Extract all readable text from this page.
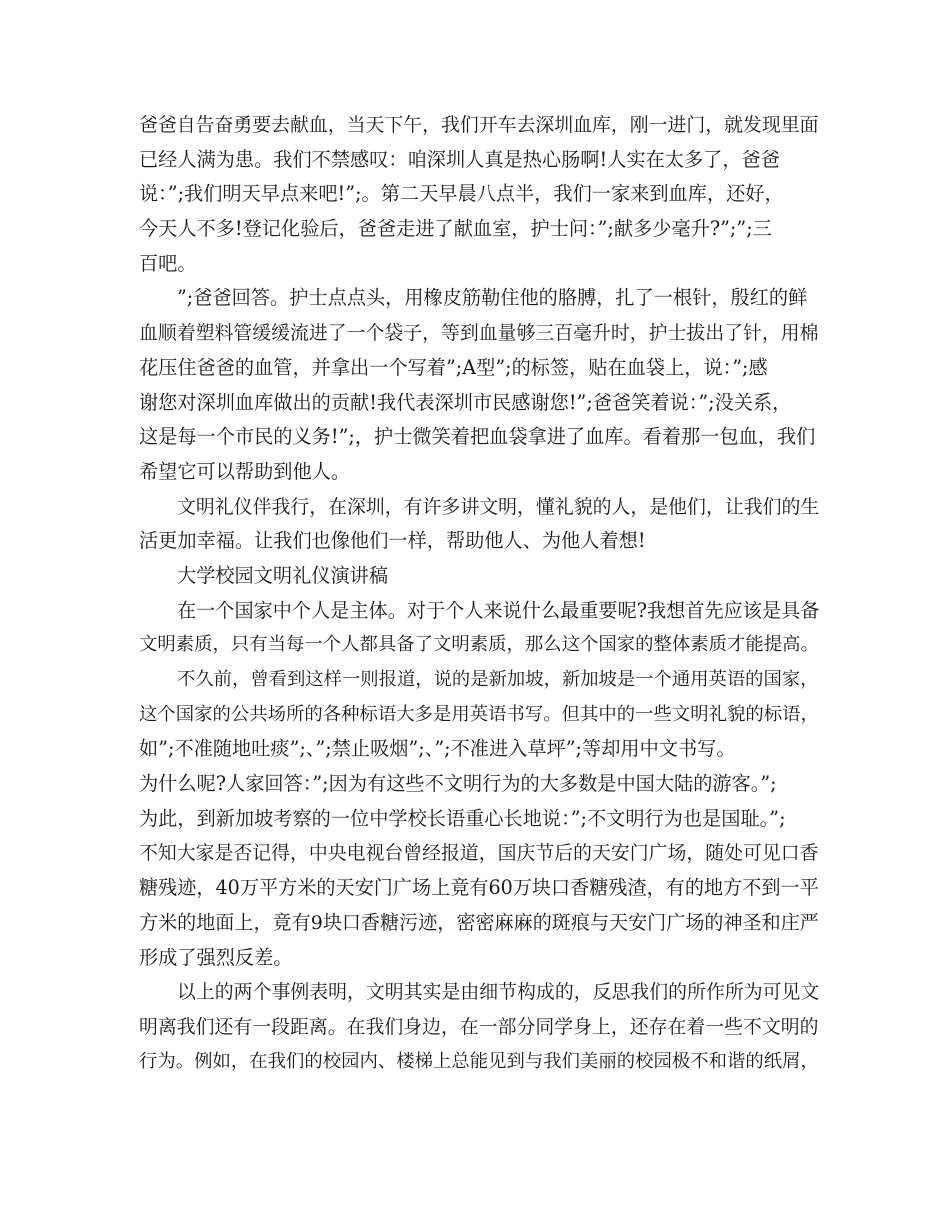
爸爸自告奋勇要去献血，当天下午，我们开车去深圳血库，刚一进门，就发现里面
已经人满为患。我们不禁感叹：咱深圳人真是热心肠啊!人实在太多了，爸爸
说：”;我们明天早点来吧!”;。第二天早晨八点半，我们一家来到血库，还好，
今天人不多!登记化验后，爸爸走进了献血室，护士问：”;献多少毫升?”;”;三
百吧。
”;爸爸回答。护士点点头，用橡皮筋勒住他的胳膊，扎了一根针，殷红的鲜
血顺着塑料管缓缓流进了一个袋子，等到血量够三百毫升时，护士拔出了针，用棉
花压住爸爸的血管，并拿出一个写着”;A型”;的标签，贴在血袋上，说：”;感
谢您对深圳血库做出的贡献!我代表深圳市民感谢您!”;爸爸笑着说：”;没关系，
这是每一个市民的义务!”;，护士微笑着把血袋拿进了血库。看着那一包血，我们
希望它可以帮助到他人。
文明礼仪伴我行，在深圳，有许多讲文明，懂礼貌的人，是他们，让我们的生
活更加幸福。让我们也像他们一样，帮助他人、为他人着想!
大学校园文明礼仪演讲稿
在一个国家中个人是主体。对于个人来说什么最重要呢?我想首先应该是具备
文明素质，只有当每一个人都具备了文明素质，那么这个国家的整体素质才能提高。
不久前，曾看到这样一则报道，说的是新加坡，新加坡是一个通用英语的国家，
这个国家的公共场所的各种标语大多是用英语书写。但其中的一些文明礼貌的标语，
如”;不准随地吐痰”;、”;禁止吸烟”;、”;不准进入草坪”;等却用中文书写。
为什么呢?人家回答：”;因为有这些不文明行为的大多数是中国大陆的游客。”;
为此，到新加坡考察的一位中学校长语重心长地说：”;不文明行为也是国耻。”;
不知大家是否记得，中央电视台曾经报道，国庆节后的天安门广场，随处可见口香
糖残迹，40万平方米的天安门广场上竟有60万块口香糖残渣，有的地方不到一平
方米的地面上，竟有9块口香糖污迹，密密麻麻的斑痕与天安门广场的神圣和庄严
形成了强烈反差。
以上的两个事例表明，文明其实是由细节构成的，反思我们的所作所为可见文
明离我们还有一段距离。在我们身边，在一部分同学身上，还存在着一些不文明的
行为。例如，在我们的校园内、楼梯上总能见到与我们美丽的校园极不和谐的纸屑，
